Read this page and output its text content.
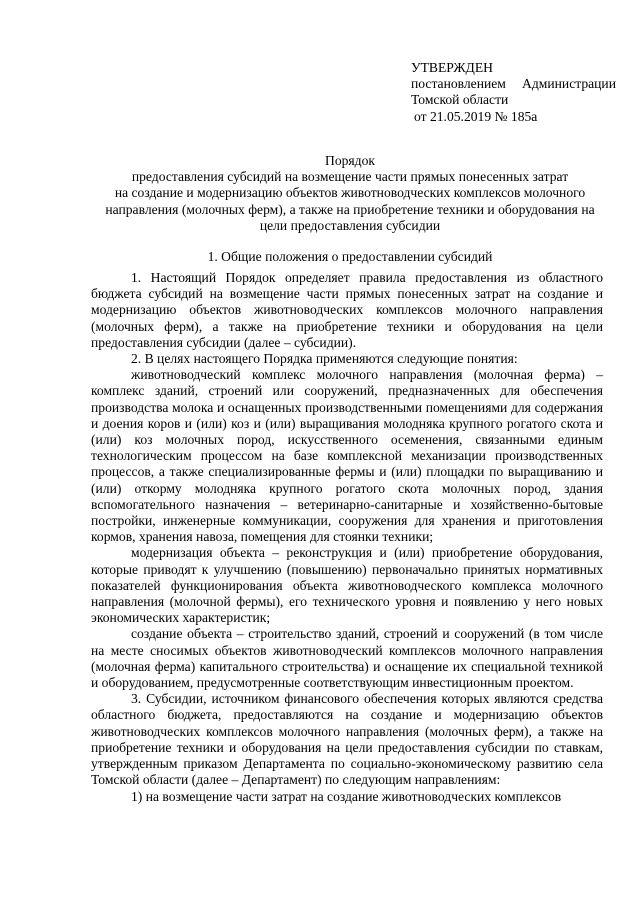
УТВЕРЖДЕН
постановлением Администрации
Томской области
от 21.05.2019 № 185а
Порядок
предоставления субсидий на возмещение части прямых понесенных затрат
на создание и модернизацию объектов животноводческих комплексов молочного
направления (молочных ферм), а также на приобретение техники и оборудования на
цели предоставления субсидии
1. Общие положения о предоставлении субсидий

1. Настоящий Порядок определяет правила предоставления из областного бюджета субсидий на возмещение части прямых понесенных затрат на создание и модернизацию объектов животноводческих комплексов молочного направления (молочных ферм), а также на приобретение техники и оборудования на цели предоставления субсидии (далее – субсидии).

2. В целях настоящего Порядка применяются следующие понятия:

животноводческий комплекс молочного направления (молочная ферма) – комплекс зданий, строений или сооружений, предназначенных для обеспечения производства молока и оснащенных производственными помещениями для содержания и доения коров и (или) коз и (или) выращивания молодняка крупного рогатого скота и (или) коз молочных пород, искусственного осеменения, связанными единым технологическим процессом на базе комплексной механизации производственных процессов, а также специализированные фермы и (или) площадки по выращиванию и (или) откорму молодняка крупного рогатого скота молочных пород, здания вспомогательного назначения – ветеринарно-санитарные и хозяйственно-бытовые постройки, инженерные коммуникации, сооружения для хранения и приготовления кормов, хранения навоза, помещения для стоянки техники;

модернизация объекта – реконструкция и (или) приобретение оборудования, которые приводят к улучшению (повышению) первоначально принятых нормативных показателей функционирования объекта животноводческого комплекса молочного направления (молочной фермы), его технического уровня и появлению у него новых экономических характеристик;

создание объекта – строительство зданий, строений и сооружений (в том числе на месте сносимых объектов животноводческий комплексов молочного направления (молочная ферма) капитального строительства) и оснащение их специальной техникой и оборудованием, предусмотренные соответствующим инвестиционным проектом.

3. Субсидии, источником финансового обеспечения которых являются средства областного бюджета, предоставляются на создание и модернизацию объектов животноводческих комплексов молочного направления (молочных ферм), а также на приобретение техники и оборудования на цели предоставления субсидии по ставкам, утвержденным приказом Департамента по социально-экономическому развитию села Томской области (далее – Департамент) по следующим направлениям:

1) на возмещение части затрат на создание животноводческих комплексов
